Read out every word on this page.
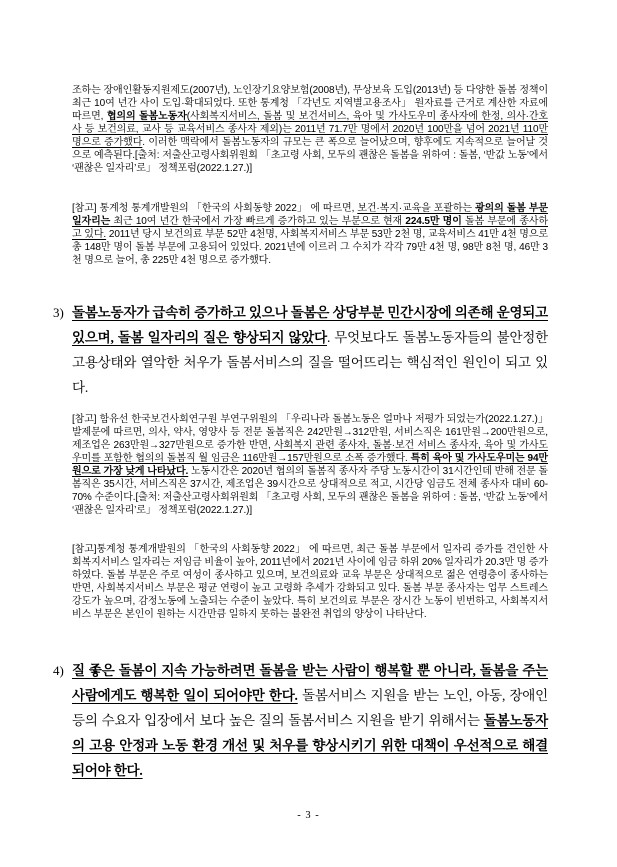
조하는 장애인활동지원제도(2007년), 노인장기요양보험(2008년), 무상보육 도입(2013년) 등 다양한 돌봄 정책이 최근 10여 년간 사이 도입·확대되었다. 또한 통계청 「각년도 지역별고용조사」 원자료를 근거로 계산한 자료에 따르면, 협의의 돌봄노동자(사회복지서비스, 돌봄 및 보건서비스, 육아 및 가사도우미 종사자에 한정, 의사·간호사 등 보건의료, 교사 등 교육서비스 종사자 제외)는 2011년 71.7만 명에서 2020년 100만을 넘어 2021년 110만 명으로 증가했다. 이러한 맥락에서 돌봄노동자의 규모는 큰 폭으로 늘어났으며, 향후에도 지속적으로 늘어날 것으로 예측된다.[출처: 저출산고령사회위원회 「초고령 사회, 모두의 괜찮은 돌봄을 위하여 : 돌봄, ‘반값 노동’에서 ‘괜찮은 일자리’로」 정책포럼(2022.1.27.)]

[참고] 통계청 통계개발원의 「한국의 사회동향 2022」 에 따르면, 보건·복지·교육을 포괄하는 광의의 돌봄 부문 일자리는 최근 10여 년간 한국에서 가장 빠르게 증가하고 있는 부문으로 현재 224.5만 명이 돌봄 부문에 종사하고 있다. 2011년 당시 보건의료 부문 52만 4천명, 사회복지서비스 부문 53만 2천 명, 교육서비스 41만 4천 명으로 총 148만 명이 돌봄 부문에 고용되어 있었다. 2021년에 이르러 그 수치가 각각 79만 4천 명, 98만 8천 명, 46만 3천 명으로 늘어, 총 225만 4천 명으로 증가했다.

3) 돌봄노동자가 급속히 증가하고 있으나 돌봄은 상당부분 민간시장에 의존해 운영되고 있으며, 돌봄 일자리의 질은 향상되지 않았다. 무엇보다도 돌봄노동자들의 불안정한 고용상태와 열악한 처우가 돌봄서비스의 질을 떨어뜨리는 핵심적인 원인이 되고 있다.

[참고] 함유선 한국보건사회연구원 부연구위원의 「우리나라 돌봄노동은 얼마나 저평가 되었는가(2022.1.27.)」 발제문에 따르면, 의사, 약사, 영양사 등 전문 돌봄직은 242만원→312만원, 서비스직은 161만원→200만원으로, 제조업은 263만원→327만원으로 증가한 반면, 사회복지 관련 종사자, 돌봄·보건 서비스 종사자, 육아 및 가사도우미를 포함한 협의의 돌봄직 월 임금은 116만원→157만원으로 소폭 증가했다. 특히 육아 및 가사도우미는 94만원으로 가장 낮게 나타났다. 노동시간은 2020년 협의의 돌봄직 종사자 주당 노동시간이 31시간인데 반해 전문 돌봄직은 35시간, 서비스직은 37시간, 제조업은 39시간으로 상대적으로 적고, 시간당 임금도 전체 종사자 대비 60-70% 수준이다.[출처: 저출산고령사회위원회 「초고령 사회, 모두의 괜찮은 돌봄을 위하여 : 돌봄, ‘반값 노동’에서 ‘괜찮은 일자리’로」 정책포럼(2022.1.27.)]

[참고]통계청 통계개발원의 「한국의 사회동향 2022」 에 따르면, 최근 돌봄 부문에서 일자리 증가를 견인한 사회복지서비스 일자리는 저임금 비율이 높아, 2011년에서 2021년 사이에 임금 하위 20% 일자리가 20.3만 명 증가하였다. 돌봄 부문은 주로 여성이 종사하고 있으며, 보건의료와 교육 부문은 상대적으로 젊은 연령층이 종사하는 반면, 사회복지서비스 부문은 평균 연령이 높고 고령화 추세가 강화되고 있다. 돌봄 부문 종사자는 업무 스트레스 강도가 높으며, 감정노동에 노출되는 수준이 높았다. 특히 보건의료 부문은 장시간 노동이 빈번하고, 사회복지서비스 부문은 본인이 원하는 시간만큼 일하지 못하는 불완전 취업의 양상이 나타난다.

4) 질 좋은 돌봄이 지속 가능하려면 돌봄을 받는 사람이 행복할 뿐 아니라, 돌봄을 주는 사람에게도 행복한 일이 되어야만 한다. 돌봄서비스 지원을 받는 노인, 아동, 장애인 등의 수요자 입장에서 보다 높은 질의 돌봄서비스 지원을 받기 위해서는 돌봄노동자의 고용 안정과 노동 환경 개선 및 처우를 향상시키기 위한 대책이 우선적으로 해결 되어야 한다.

- 3 -
